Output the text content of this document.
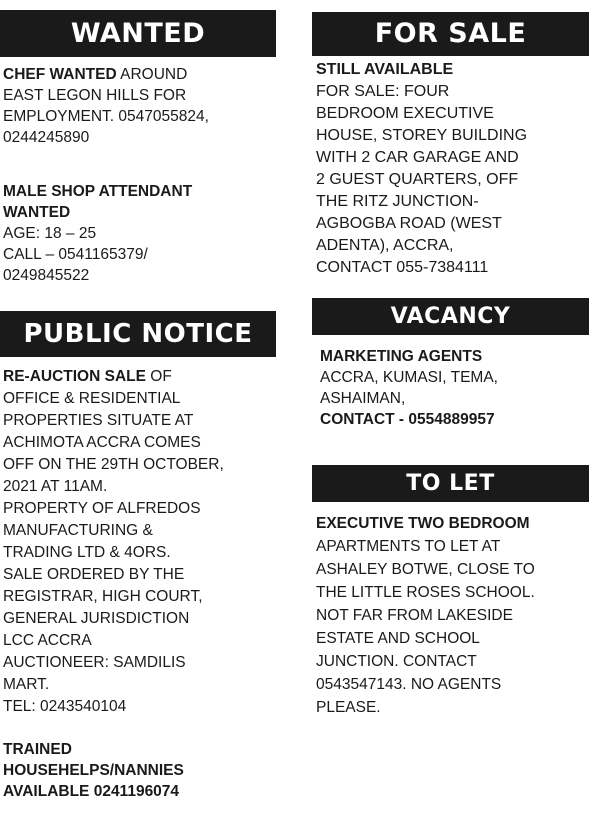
WANTED
CHEF WANTED AROUND
EAST LEGON HILLS FOR
EMPLOYMENT. 0547055824,
0244245890
MALE SHOP ATTENDANT
WANTED
AGE: 18 – 25
CALL – 0541165379/
0249845522
PUBLIC NOTICE
RE-AUCTION SALE OF
OFFICE & RESIDENTIAL
PROPERTIES SITUATE AT
ACHIMOTA ACCRA COMES
OFF ON THE 29TH OCTOBER,
2021 AT 11AM.
PROPERTY OF ALFREDOS
MANUFACTURING &
TRADING LTD & 4ORS.
SALE ORDERED BY THE
REGISTRAR, HIGH COURT,
GENERAL JURISDICTION
LCC ACCRA
AUCTIONEER: SAMDILIS
MART.
TEL: 0243540104
TRAINED
HOUSEHELPS/NANNIES
AVAILABLE 0241196074
FOR SALE
STILL AVAILABLE
FOR SALE: FOUR
BEDROOM EXECUTIVE
HOUSE, STOREY BUILDING
WITH 2 CAR GARAGE AND
2 GUEST QUARTERS, OFF
THE RITZ JUNCTION-
AGBOGBA ROAD (WEST
ADENTA), ACCRA,
CONTACT 055-7384111
VACANCY
MARKETING AGENTS
ACCRA, KUMASI, TEMA,
ASHAIMAN,
CONTACT - 0554889957
TO LET
EXECUTIVE TWO BEDROOM
APARTMENTS TO LET AT
ASHALEY BOTWE, CLOSE TO
THE LITTLE ROSES SCHOOL.
NOT FAR FROM LAKESIDE
ESTATE AND SCHOOL
JUNCTION. CONTACT
0543547143. NO AGENTS
PLEASE.
